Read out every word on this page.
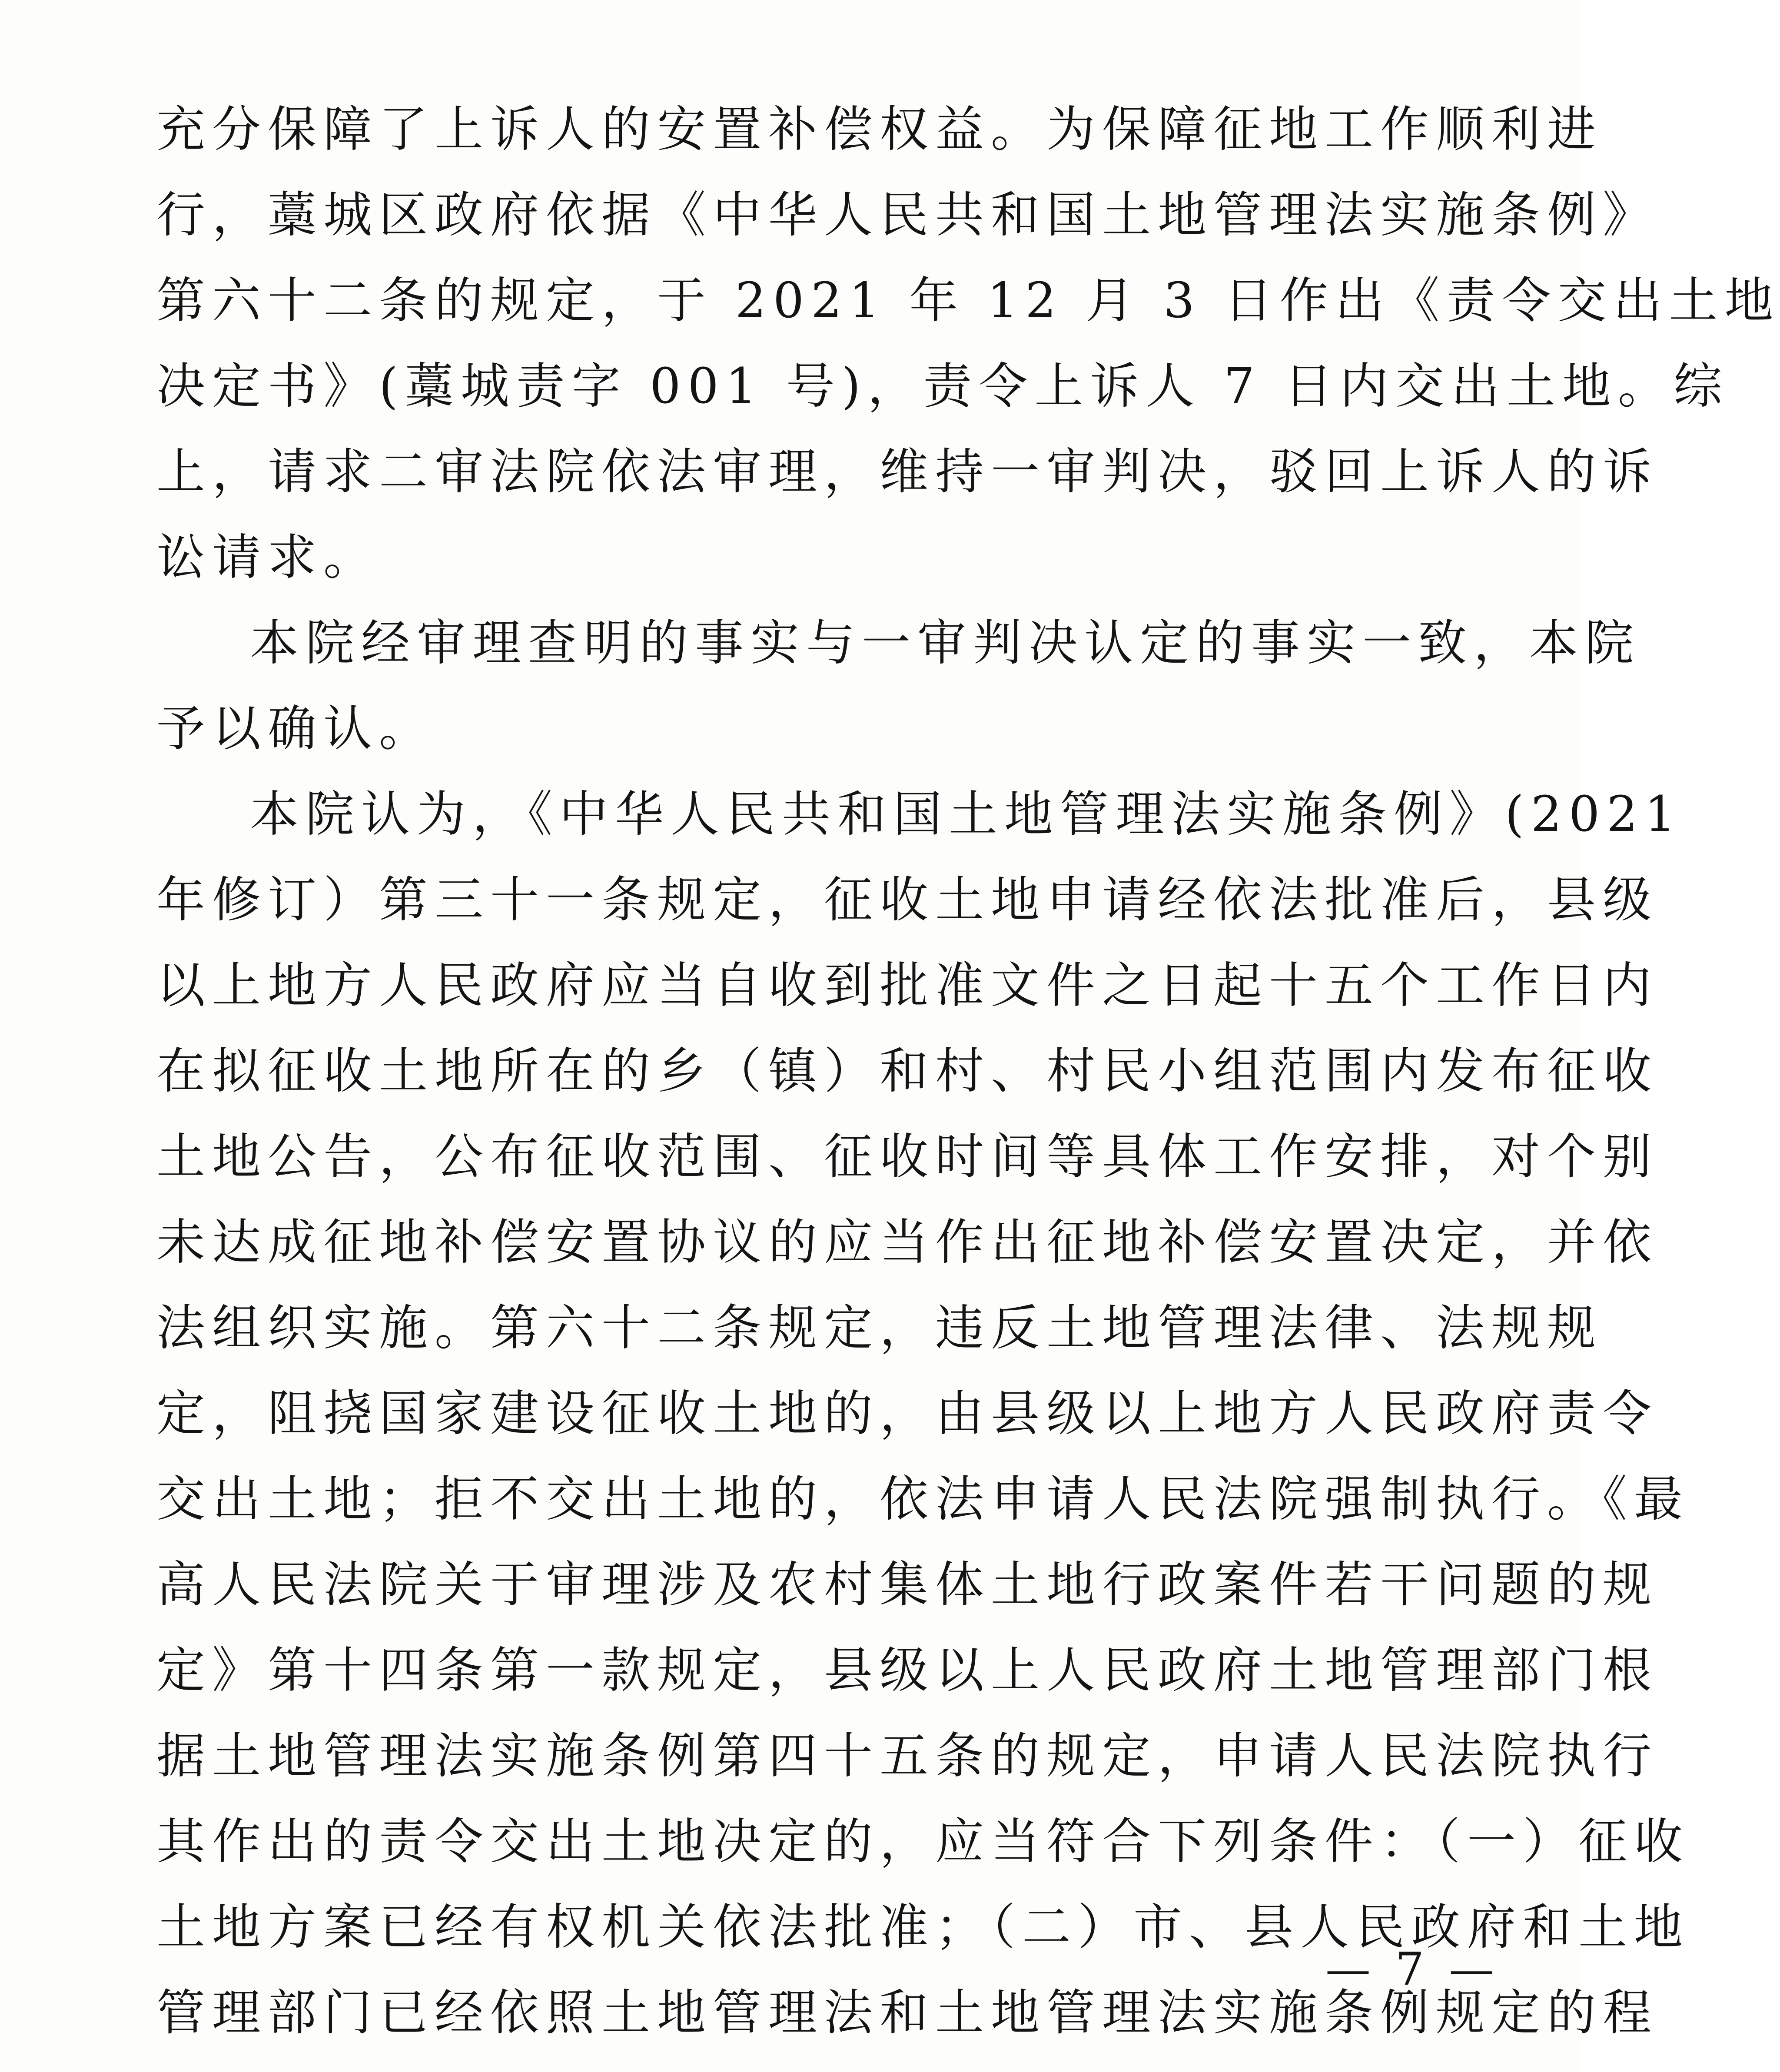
充分保障了上诉人的安置补偿权益。为保障征地工作顺利进
行，藁城区政府依据《中华人民共和国土地管理法实施条例》
第六十二条的规定，于 2021 年 12 月 3 日作出《责令交出土地
决定书》(藁城责字 001 号)，责令上诉人 7 日内交出土地。综
上，请求二审法院依法审理，维持一审判决，驳回上诉人的诉
讼请求。
本院经审理查明的事实与一审判决认定的事实一致，本院
予以确认。
本院认为，《中华人民共和国土地管理法实施条例》(2021
年修订）第三十一条规定，征收土地申请经依法批准后，县级
以上地方人民政府应当自收到批准文件之日起十五个工作日内
在拟征收土地所在的乡（镇）和村、村民小组范围内发布征收
土地公告，公布征收范围、征收时间等具体工作安排，对个别
未达成征地补偿安置协议的应当作出征地补偿安置决定，并依
法组织实施。第六十二条规定，违反土地管理法律、法规规
定，阻挠国家建设征收土地的，由县级以上地方人民政府责令
交出土地；拒不交出土地的，依法申请人民法院强制执行。《最
高人民法院关于审理涉及农村集体土地行政案件若干问题的规
定》第十四条第一款规定，县级以上人民政府土地管理部门根
据土地管理法实施条例第四十五条的规定，申请人民法院执行
其作出的责令交出土地决定的，应当符合下列条件：（一）征收
土地方案已经有权机关依法批准；（二）市、县人民政府和土地
管理部门已经依照土地管理法和土地管理法实施条例规定的程
— 7 —
